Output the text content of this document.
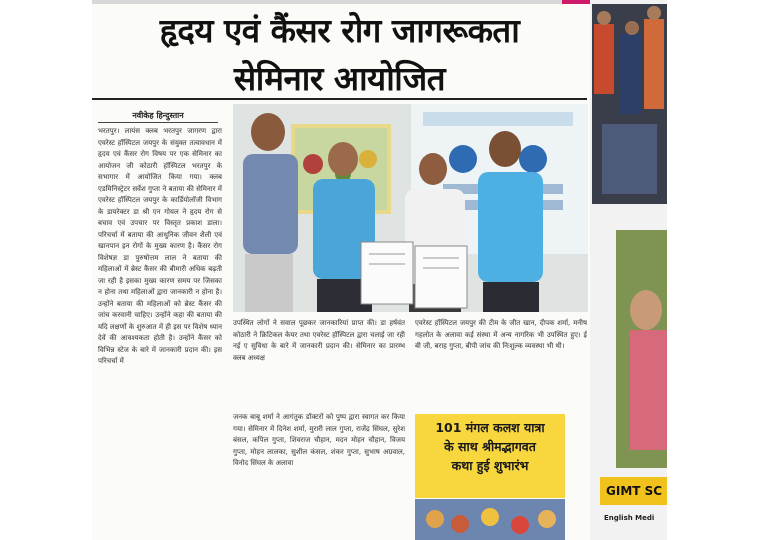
हृदय एवं कैंसर रोग जागरूकता
सेमिनार आयोजित
नवीकेह हिन्दुस्तान
भरतपुर। लायंस क्लब भरतपुर जागरण द्वारा एवरेस्ट हॉस्पिटल जयपुर के संयुक्त तत्वावधान में हृदय एवं कैंसर रोग विषय पर एक सेमिनार का आयोजन जी कोठारी हॉस्पिटल भरतपुर के सभागार में आयोजित किया गया। क्लब एडमिनिस्ट्रेटर सर्वेश गुप्ता ने बताया की सेमिनार में एवरेस्ट हॉस्पिटल जयपुर के कार्डियोलॉजी विभाग के डायरेक्टर डा श्री एन गोयल ने हृदय रोग से बचाव एवं उपचार पर विस्तृत प्रकाश डाला। परिचर्चा में बताया की आधुनिक जीवन शैली एवं खानपान इन रोगों के मुख्य कारण है। कैंसर रोग विशेषज्ञ डा पुरुषोत्तम लाल ने बताया की महिलाओं में ब्रेस्ट कैंसर की बीमारी अधिक बढ़ती जा रही है इसका मुख्य कारण समय पर जिसका न होना तथा महिलाओं द्वारा जानकारी न होना है। उन्होंने बताया की महिलाओं को ब्रेस्ट कैंसर की जांच करवानी चाहिए। उन्होंने कहा की बताया की यदि लक्षणों के शुरुआत में ही इस पर विशेष ध्यान देवें की आवश्यकता होती है। उन्होंने कैंसर को विभिन्न स्टेज के बारे में जानकारी प्रदान की। इस परिचर्चा में
उपस्थित लोगों ने सवाल पूछकर जानकारियां प्राप्त की। डा हर्षवंत कोठारी ने क्रिटिकल केयर तथा एवरेस्ट हॉस्पिटल द्वारा चलाई जा रही नई ए सुविधा के बारे में जानकारी प्रदान की। सेमिनार का प्रारम्भ क्लब अध्यक्ष
जनक बाबू शर्मा ने आगंतुक डॉक्टरों को पुष्प द्वारा स्वागत कर किया गया। सेमिनार में दिनेश शर्मा, मुरारी लाल गुप्ता, राजेंद्र सिंघल, सुरेश बंसल, कपिल गुप्ता, शिवराज चौहान, मदन मोहन चौहान, विजय गुप्ता, मोहन लालका, सुशील कंसल, शंकर गुप्ता, सुभाष अग्रवाल, विनोद सिंघल के अलावा
एवरेस्ट हॉस्पिटल जयपुर की टीम के जीत खान, दीपक शर्मा, मनीष गहलोत के अलावा कई संस्था में अन्य नागरिक भी उपस्थित हुए। ई बी जी, बराह गुप्ता, बीपी जांच की निःशुल्क व्यवस्था भी थी।
101 मंगल कलश यात्रा
के साथ श्रीमद्भागवत
कथा हुई शुभारंभ
GIMT SC
English Medi
